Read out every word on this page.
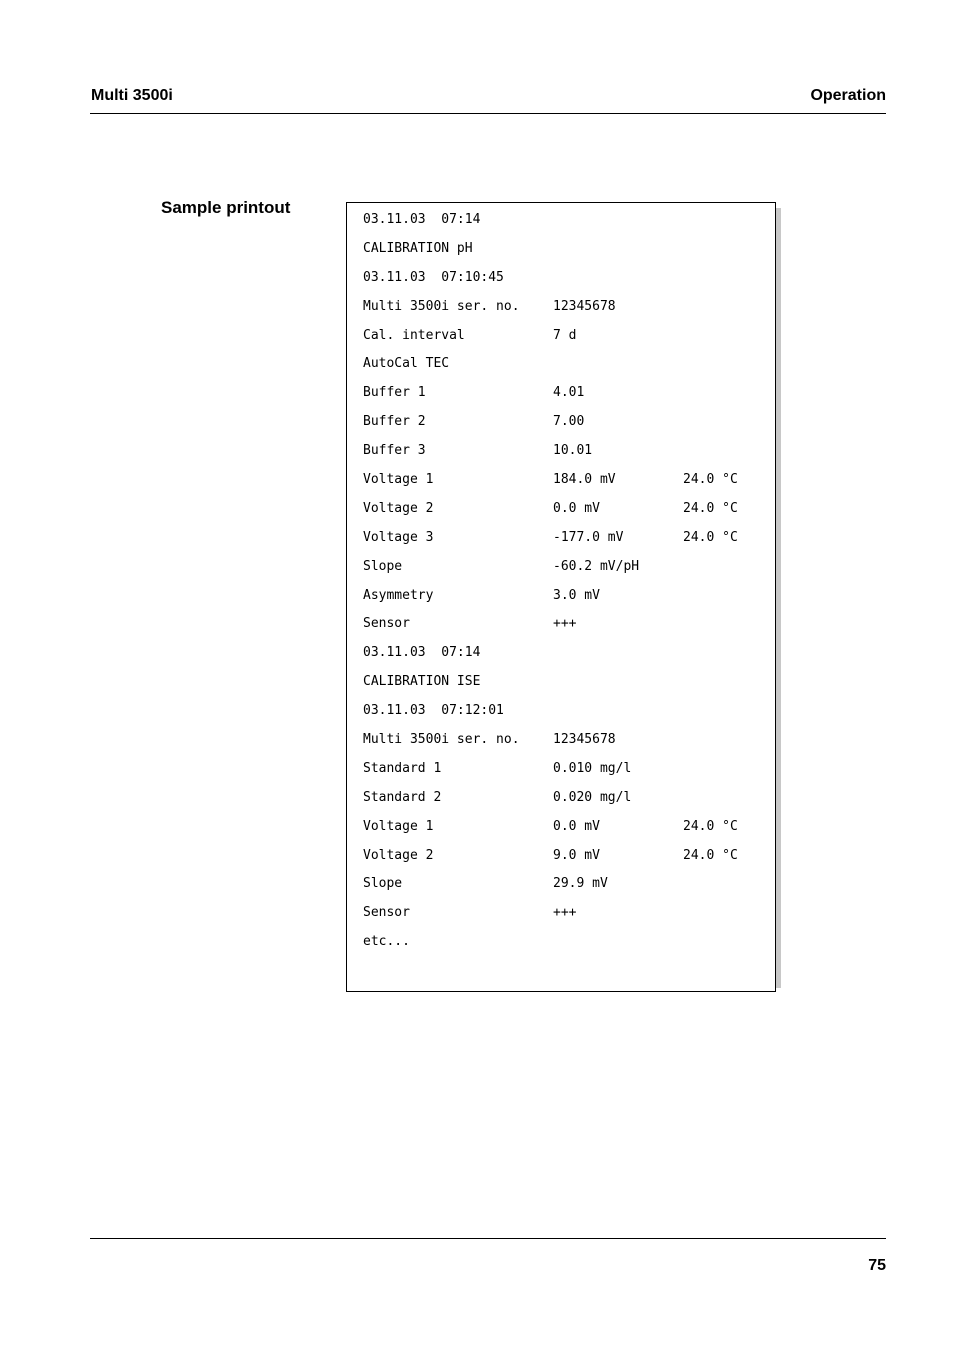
Multi 3500i	Operation
Sample printout
03.11.03  07:14
CALIBRATION pH
03.11.03  07:10:45
Multi 3500i ser. no.	12345678
Cal. interval	7 d
AutoCal TEC
Buffer 1	4.01
Buffer 2	7.00
Buffer 3	10.01
Voltage 1	184.0 mV	24.0 °C
Voltage 2	0.0 mV	24.0 °C
Voltage 3	-177.0 mV	24.0 °C
Slope	-60.2 mV/pH
Asymmetry	3.0 mV
Sensor	+++
03.11.03  07:14
CALIBRATION ISE
03.11.03  07:12:01
Multi 3500i ser. no.	12345678
Standard 1	0.010 mg/l
Standard 2	0.020 mg/l
Voltage 1	0.0 mV	24.0 °C
Voltage 2	9.0 mV	24.0 °C
Slope	29.9 mV
Sensor	+++
etc...
75
